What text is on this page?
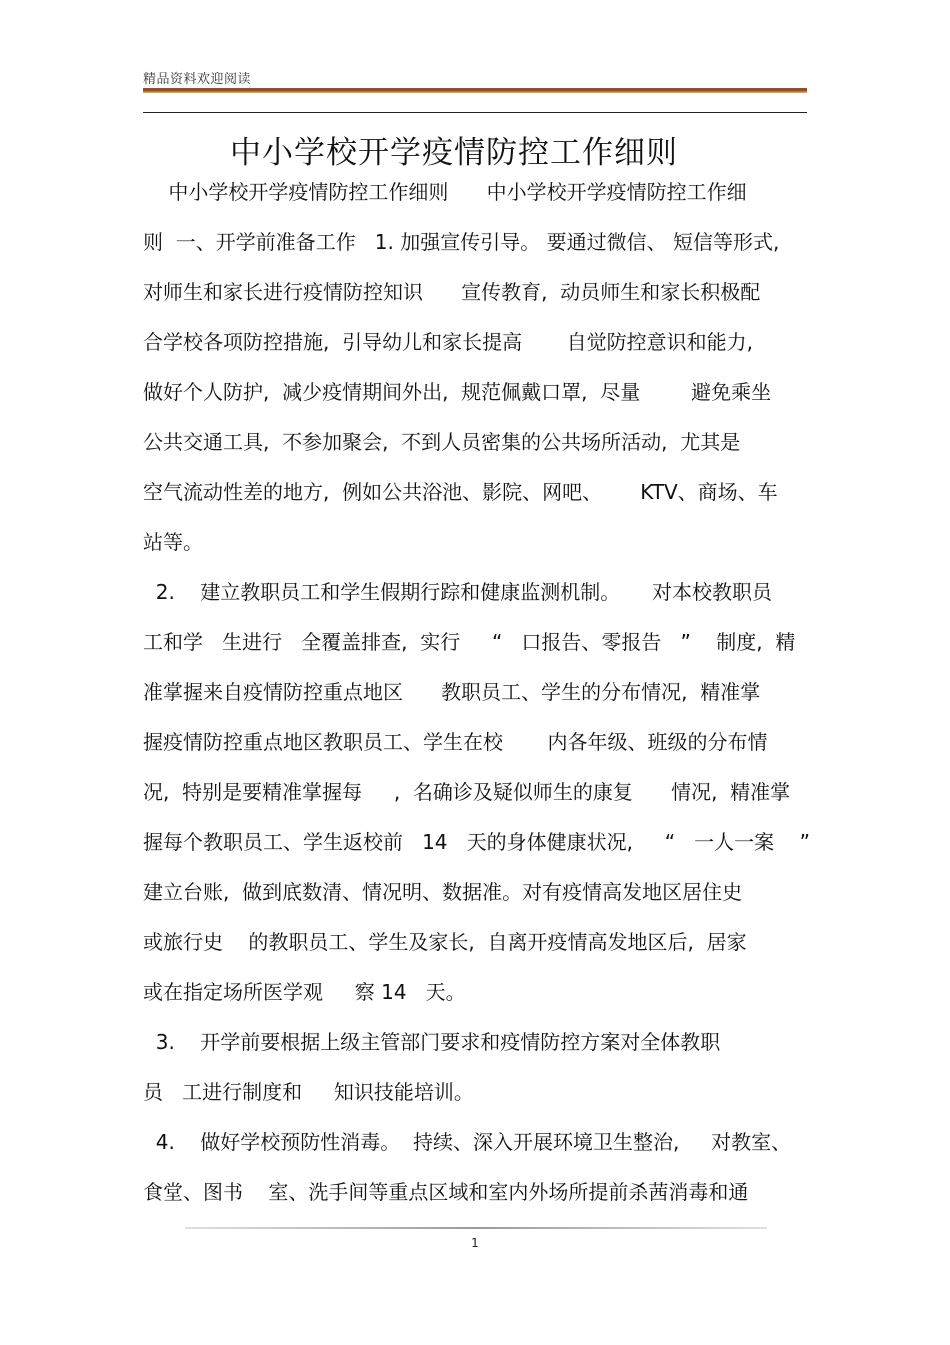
精品资料欢迎阅读
中小学校开学疫情防控工作细则
中小学校开学疫情防控工作细则      中小学校开学疫情防控工作细
则  一、开学前准备工作   1. 加强宣传引导。 要通过微信、 短信等形式,
对师生和家长进行疫情防控知识      宣传教育,  动员师生和家长积极配
合学校各项防控措施,  引导幼儿和家长提高       自觉防控意识和能力,
做好个人防护,  减少疫情期间外出,  规范佩戴口罩,  尽量        避免乘坐
公共交通工具,  不参加聚会,  不到人员密集的公共场所活动,  尤其是
空气流动性差的地方,  例如公共浴池、影院、网吧、      KTV、商场、车
站等。
2.    建立教职员工和学生假期行踪和健康监测机制。     对本校教职员
工和学   生进行   全覆盖排查,  实行     “   口报告、零报告   ”    制度,  精
准掌握来自疫情防控重点地区      教职员工、学生的分布情况,  精准掌
握疫情防控重点地区教职员工、学生在校       内各年级、班级的分布情
况,  特别是要精准掌握每     ,  名确诊及疑似师生的康复      情况,  精准掌
握每个教职员工、学生返校前   14   天的身体健康状况,     “   一人一案    ”
建立台账,  做到底数清、情况明、数据准。对有疫情高发地区居住史
或旅行史    的教职员工、学生及家长,  自离开疫情高发地区后,  居家
或在指定场所医学观     察 14   天。
3.    开学前要根据上级主管部门要求和疫情防控方案对全体教职
员   工进行制度和     知识技能培训。
4.    做好学校预防性消毒。  持续、深入开展环境卫生整治,     对教室、
食堂、图书    室、洗手间等重点区域和室内外场所提前杀茜消毒和通
1
